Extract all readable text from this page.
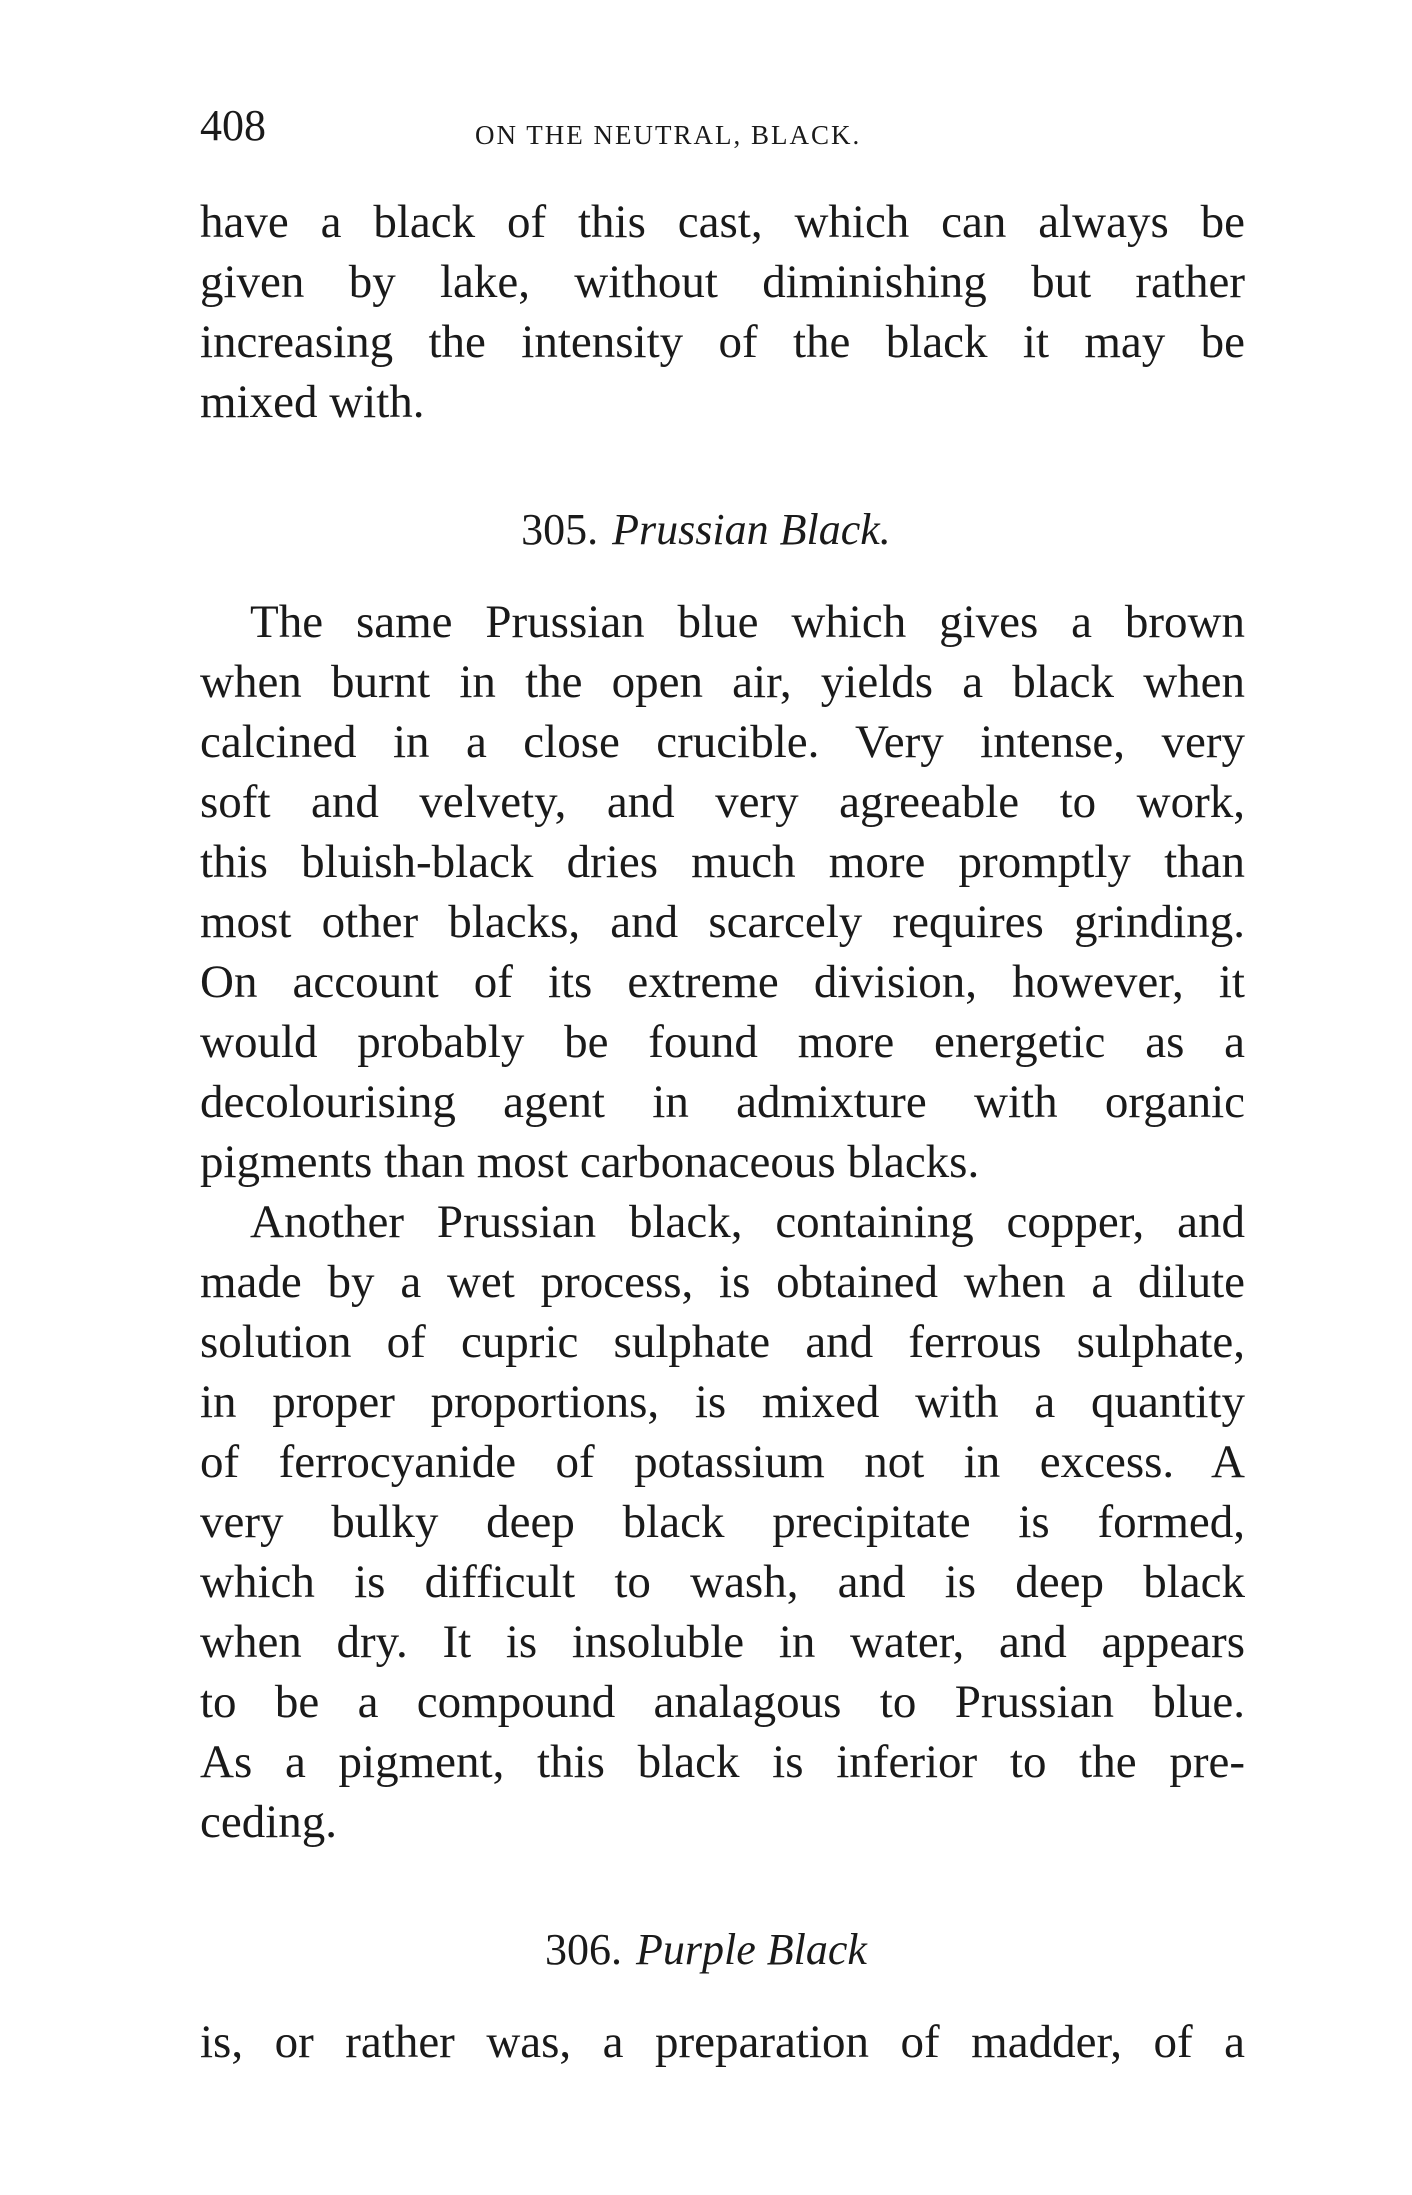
408	ON THE NEUTRAL, BLACK.
have a black of this cast, which can always be
given by lake, without diminishing but rather
increasing the intensity of the black it may be
mixed with.
305. Prussian Black.
The same Prussian blue which gives a brown
when burnt in the open air, yields a black when
calcined in a close crucible. Very intense, very
soft and velvety, and very agreeable to work,
this bluish-black dries much more promptly than
most other blacks, and scarcely requires grinding.
On account of its extreme division, however, it
would probably be found more energetic as a
decolourising agent in admixture with organic
pigments than most carbonaceous blacks.
Another Prussian black, containing copper, and
made by a wet process, is obtained when a dilute
solution of cupric sulphate and ferrous sulphate,
in proper proportions, is mixed with a quantity
of ferrocyanide of potassium not in excess. A
very bulky deep black precipitate is formed,
which is difficult to wash, and is deep black
when dry. It is insoluble in water, and appears
to be a compound analagous to Prussian blue.
As a pigment, this black is inferior to the pre-
ceding.
306. Purple Black
is, or rather was, a preparation of madder, of a
